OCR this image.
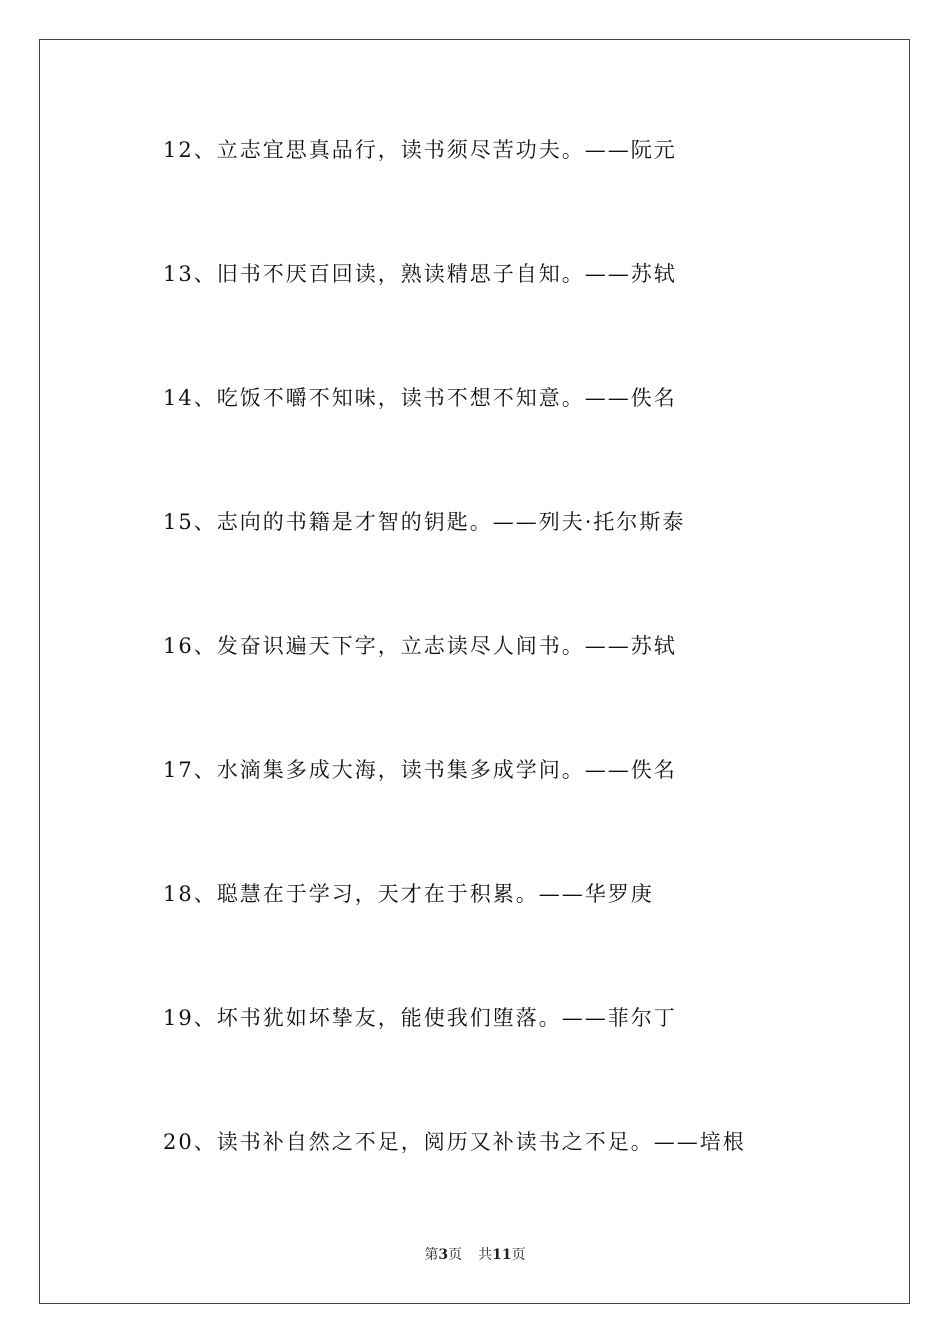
12、立志宜思真品行，读书须尽苦功夫。——阮元
13、旧书不厌百回读，熟读精思子自知。——苏轼
14、吃饭不嚼不知味，读书不想不知意。——佚名
15、志向的书籍是才智的钥匙。——列夫·托尔斯泰
16、发奋识遍天下字，立志读尽人间书。——苏轼
17、水滴集多成大海，读书集多成学问。——佚名
18、聪慧在于学习，天才在于积累。——华罗庚
19、坏书犹如坏挚友，能使我们堕落。——菲尔丁
20、读书补自然之不足，阅历又补读书之不足。——培根
第3页 共11页
